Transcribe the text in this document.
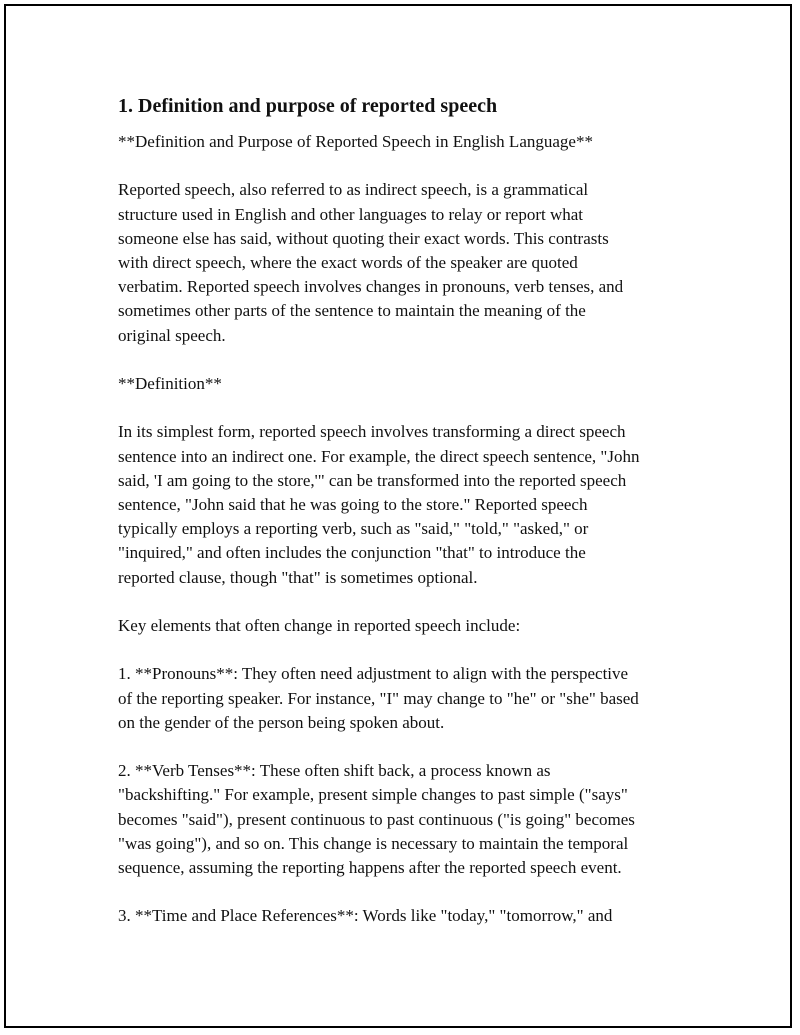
1. Definition and purpose of reported speech
**Definition and Purpose of Reported Speech in English Language**
Reported speech, also referred to as indirect speech, is a grammatical
structure used in English and other languages to relay or report what
someone else has said, without quoting their exact words. This contrasts
with direct speech, where the exact words of the speaker are quoted
verbatim. Reported speech involves changes in pronouns, verb tenses, and
sometimes other parts of the sentence to maintain the meaning of the
original speech.
**Definition**
In its simplest form, reported speech involves transforming a direct speech
sentence into an indirect one. For example, the direct speech sentence, "John
said, 'I am going to the store,'" can be transformed into the reported speech
sentence, "John said that he was going to the store." Reported speech
typically employs a reporting verb, such as "said," "told," "asked," or
"inquired," and often includes the conjunction "that" to introduce the
reported clause, though "that" is sometimes optional.
Key elements that often change in reported speech include:
1. **Pronouns**: They often need adjustment to align with the perspective
of the reporting speaker. For instance, "I" may change to "he" or "she" based
on the gender of the person being spoken about.
2. **Verb Tenses**: These often shift back, a process known as
"backshifting." For example, present simple changes to past simple ("says"
becomes "said"), present continuous to past continuous ("is going" becomes
"was going"), and so on. This change is necessary to maintain the temporal
sequence, assuming the reporting happens after the reported speech event.
3. **Time and Place References**: Words like "today," "tomorrow," and
